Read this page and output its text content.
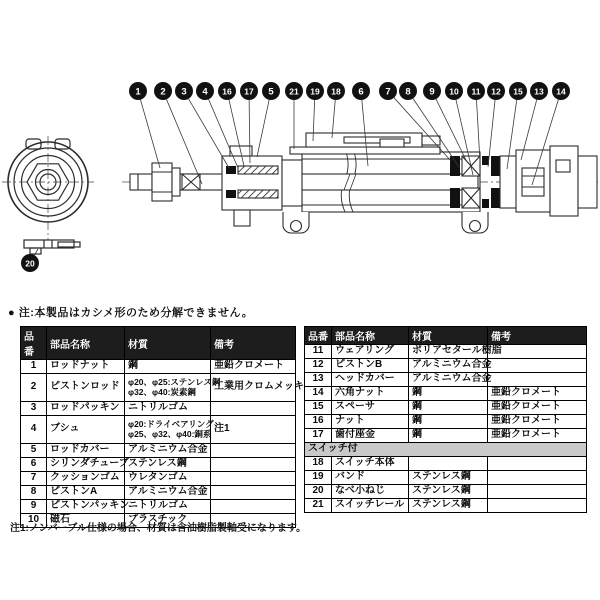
1 2 3 4 16 17 5 21 19 18 6 7 8 9 10 11 12 15 13 14
20
● 注:本製品はカシメ形のため分解できません。
品番	部品名称	材質	備考
1	ロッドナット	鋼	亜鉛クロメート
2	ピストンロッド	φ20、φ25:ステンレス鋼
φ32、φ40:炭素鋼	工業用クロムメッキ
3	ロッドパッキン	ニトリルゴム	

4	ブシュ	φ20:ドライベアリング
φ25、φ32、φ40:銅系	注1
5	ロッドカバー	アルミニウム合金	

6	シリンダチューブ	ステンレス鋼	

7	クッションゴム	ウレタンゴム	

8	ピストンA	アルミニウム合金	

9	ピストンパッキン	ニトリルゴム	

10	磁石	プラスチック	

品番	部品名称	材質	備考
11	ウェアリング	ポリアセタール樹脂	

12	ピストンB	アルミニウム合金	

13	ヘッドカバー	アルミニウム合金	

14	六角ナット	鋼	亜鉛クロメート
15	スペーサ	鋼	亜鉛クロメート
16	ナット	鋼	亜鉛クロメート
17	歯付座金	鋼	亜鉛クロメート
スイッチ付			
18	スイッチ本体	

19	バンド	ステンレス鋼	

20	なべ小ねじ	ステンレス鋼	

21	スイッチレール	ステンレス鋼	

注1:ノンバーブル仕様の場合、材質は含油樹脂製軸受になります。
